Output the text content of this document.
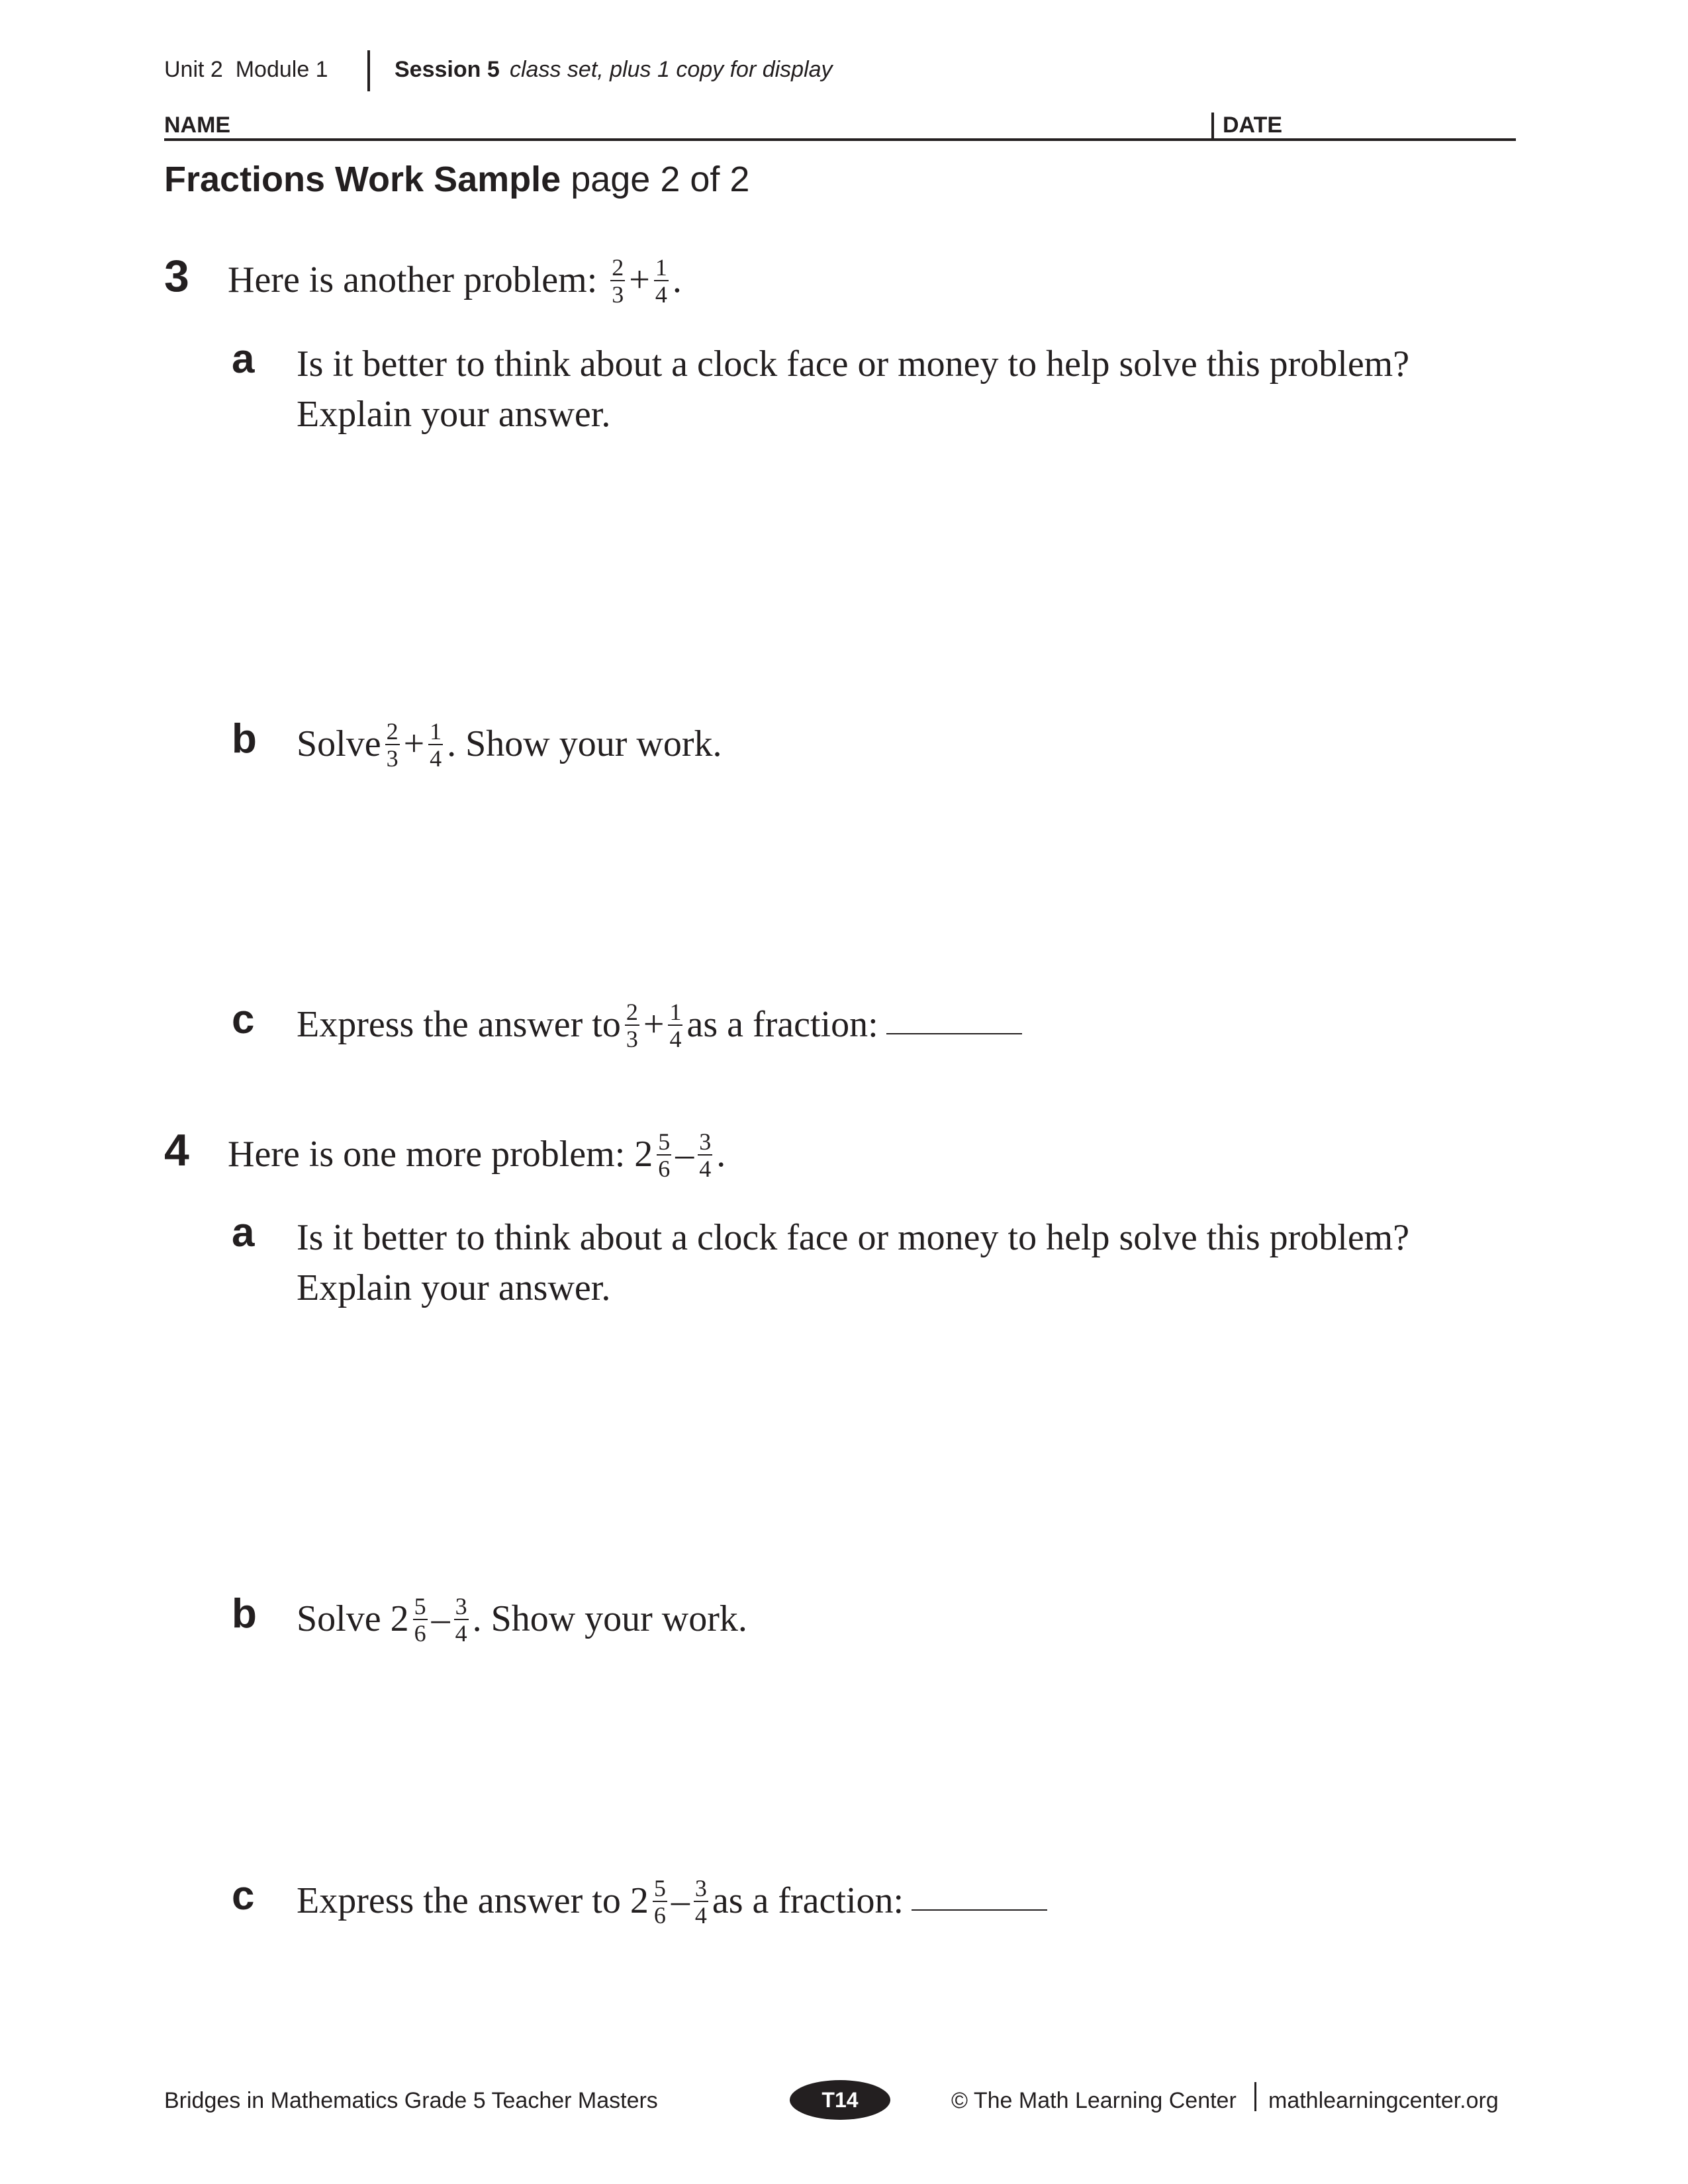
Unit 2  Module 1	Session 5 class set, plus 1 copy for display
NAME	DATE
Fractions Work Sample page 2 of 2
3 Here is another problem: $\frac{2}{3} + \frac{1}{4}$ .
a Is it better to think about a clock face or money to help solve this problem?
Explain your answer.
b Solve $\frac{2}{3} + \frac{1}{4}$ . Show your work.
c Express the answer to $\frac{2}{3} + \frac{1}{4}$ as a fraction:
4 Here is one more problem: $2 \frac{5}{6} - \frac{3}{4}$ .
a Is it better to think about a clock face or money to help solve this problem?
Explain your answer.
b Solve $2 \frac{5}{6} - \frac{3}{4}$ . Show your work.
c Express the answer to $2 \frac{5}{6} - \frac{3}{4}$ as a fraction:
Bridges in Mathematics Grade 5 Teacher Masters	T14	© The Math Learning Center mathlearningcenter.org
